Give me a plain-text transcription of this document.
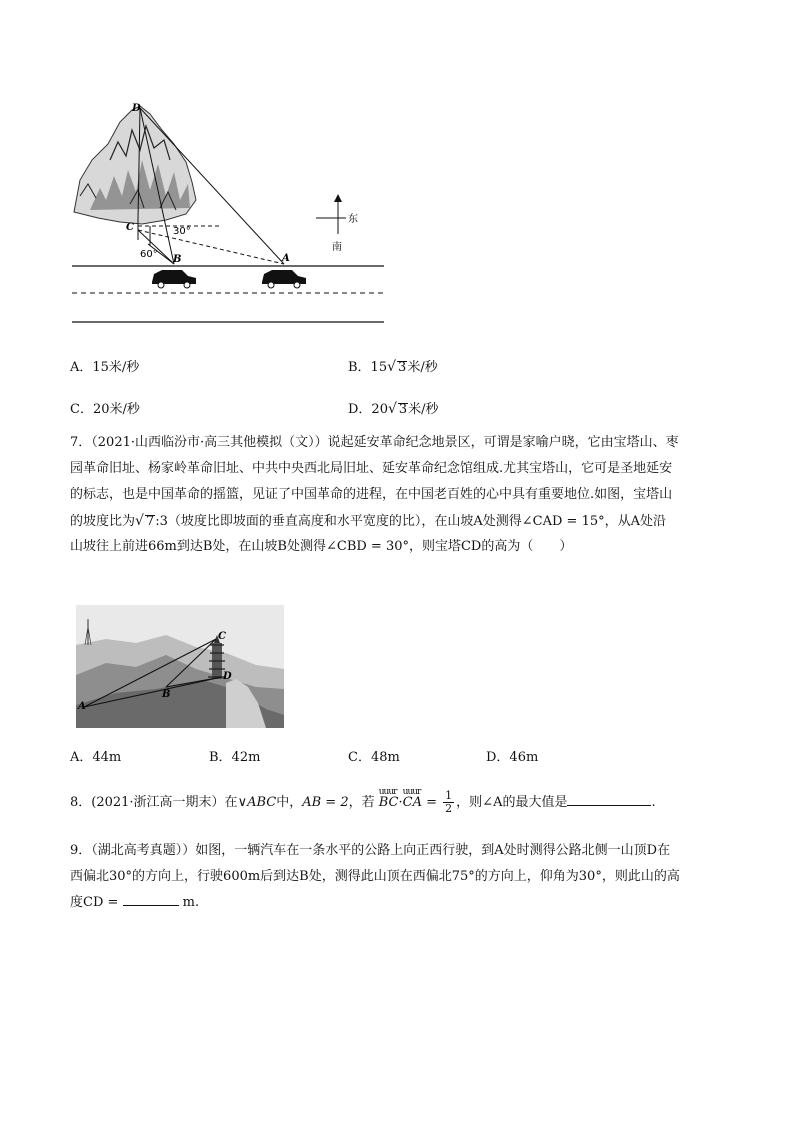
D
C
B	A
30°
60°
东
南
A．15米/秒	B．15√ 3米/秒
C．20米/秒	D．20√ 3米/秒
7．（2021·山西临汾市·高三其他模拟（文））说起延安革命纪念地景区，可谓是家喻户晓，它由宝塔山、枣
园革命旧址、杨家岭革命旧址、中共中央西北局旧址、延安革命纪念馆组成.尤其宝塔山，它可是圣地延安
的标志，也是中国革命的摇篮，见证了中国革命的进程，在中国老百姓的心中具有重要地位.如图，宝塔山
的坡度比为√ 7:3（坡度比即坡面的垂直高度和水平宽度的比），在山坡A处测得∠CAD = 15°，从A处沿
山坡往上前进66m到达B处，在山坡B处测得∠CBD = 30°，则宝塔CD的高为（　　）
C
D
B
A
A．44m	B．42m	C．48m	D．46m
8．(2021·浙江高一期末）在∨ABC中，AB = 2，若
uuur
BC·
uuur
CA = $\frac{1}{2}$ ，则∠A的最大值是	.
9．（湖北高考真题））如图，一辆汽车在一条水平的公路上向正西行驶，到A处时测得公路北侧一山顶D在
西偏北30°的方向上，行驶600m后到达B处，测得此山顶在西偏北75°的方向上，仰角为30°，则此山的高
度CD =	m.
